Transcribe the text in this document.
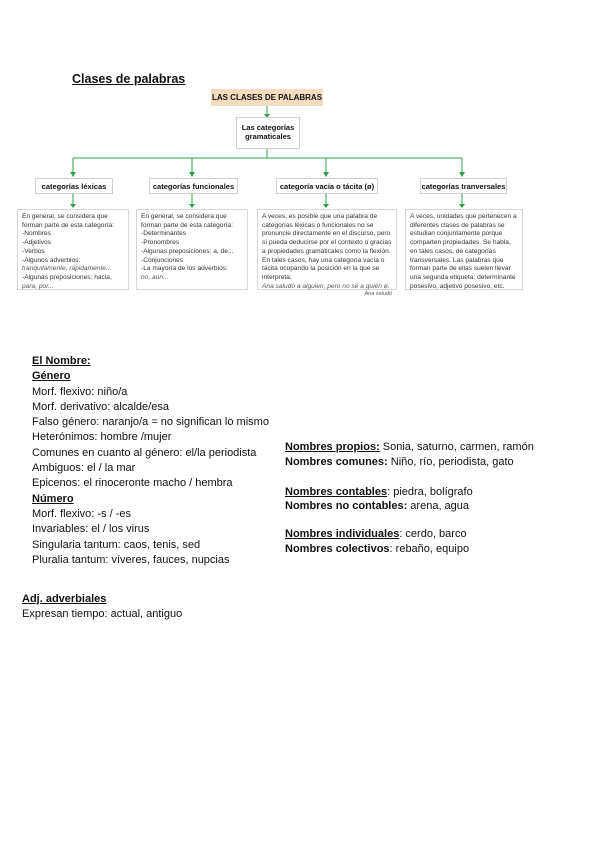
Clases de palabras
LAS CLASES DE PALABRAS
Las categorías gramaticales
categorías léxicas	categorías funcionales	categoría vacía o tácita (ø)	categorías tranversales
En general, se considera que forman parte de esta categoría:
-Nombres
-Adjetivos
-Verbos
-Algunos adverbios:
tranquilamente, rápidamente...
-Algunas preposiciones: hacia,
para, por...
En general, se considera que forman parte de esta categoría:
-Determinantes
-Pronombres
-Algunas preposiciones: a, de...
-Conjunciones
-La mayoría de los adverbios:
no, aún...
A veces, es posible que una palabra de categorías léxicas o funcionales no se pronuncie directamente en el discurso, pero sí pueda deducirse por el contexto o gracias a propiedades gramaticales como la flexión. En tales casos, hay una categoría vacía o tácita ocupando la posición en la que se interpreta:
Ana saludó a alguien, pero no sé a quién ø.
Ana saludó
A veces, unidades que pertenecen a diferentes clases de palabras se estudian conjuntamente porque comparten propiedades. Se habla, en tales casos, de categorías transversales. Las palabras que forman parte de ellas suelen llevar una segunda etiqueta: determinante posesivo, adjetivo posesivo, etc.
El Nombre:
Género
Morf. flexivo: niño/a
Morf. derivativo: alcalde/esa
Falso género: naranjo/a = no significan lo mismo
Heterónimos: hombre /mujer
Comunes en cuanto al género: el/la periodista
Ambiguos: el / la mar
Epicenos: el rinoceronte macho / hembra
Número
Morf. flexivo: -s / -es
Invariables: el / los virus
Singularia tantum: caos, tenis, sed
Pluralia tantum: víveres, fauces, nupcias
Nombres propios: Sonia, saturno, carmen, ramón
Nombres comunes: Niño, río, periodista, gato
Nombres contables: piedra, bolígrafo
Nombres no contables: arena, agua
Nombres individuales: cerdo, barco
Nombres colectivos: rebaño, equipo
Adj. adverbiales
Expresan tiempo: actual, antiguo
